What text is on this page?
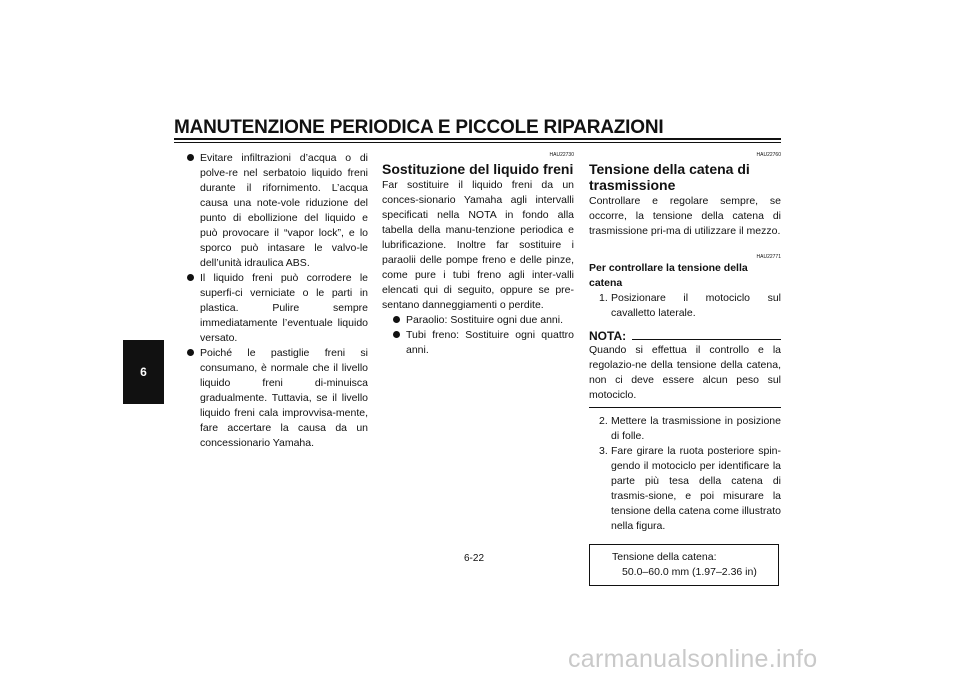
MANUTENZIONE PERIODICA E PICCOLE RIPARAZIONI
6
Evitare infiltrazioni d’acqua o di polve-re nel serbatoio liquido freni durante il rifornimento. L’acqua causa una note-vole riduzione del punto di ebollizione del liquido e può provocare il “vapor lock”, e lo sporco può intasare le valvo-le dell’unità idraulica ABS.
Il liquido freni può corrodere le superfi-ci verniciate o le parti in plastica. Pulire sempre immediatamente l’eventuale liquido versato.
Poiché le pastiglie freni si consumano, è normale che il livello liquido freni di-minuisca gradualmente. Tuttavia, se il livello liquido freni cala improvvisa-mente, fare accertare la causa da un concessionario Yamaha.
HAU22730
Sostituzione del liquido freni

Far sostituire il liquido freni da un conces-sionario Yamaha agli intervalli specificati nella NOTA in fondo alla tabella della manu-tenzione periodica e lubrificazione. Inoltre far sostituire i paraolii delle pompe freno e delle pinze, come pure i tubi freno agli inter-valli elencati qui di seguito, oppure se pre-sentano danneggiamenti o perdite.

Paraolio: Sostituire ogni due anni.
Tubi freno: Sostituire ogni quattro anni.
HAU22760
Tensione della catena di trasmissione

Controllare e regolare sempre, se occorre, la tensione della catena di trasmissione pri-ma di utilizzare il mezzo.

HAU22771
Per controllare la tensione della catena
1. Posizionare il motociclo sul cavalletto laterale.
NOTA:

Quando si effettua il controllo e la regolazio-ne della tensione della catena, non ci deve essere alcun peso sul motociclo.

2. Mettere la trasmissione in posizione di folle.
3. Fare girare la ruota posteriore spin-gendo il motociclo per identificare la parte più tesa della catena di trasmis-sione, e poi misurare la tensione della catena come illustrato nella figura.
Tensione della catena:
50.0–60.0 mm (1.97–2.36 in)
6-22
carmanualsonline.info
